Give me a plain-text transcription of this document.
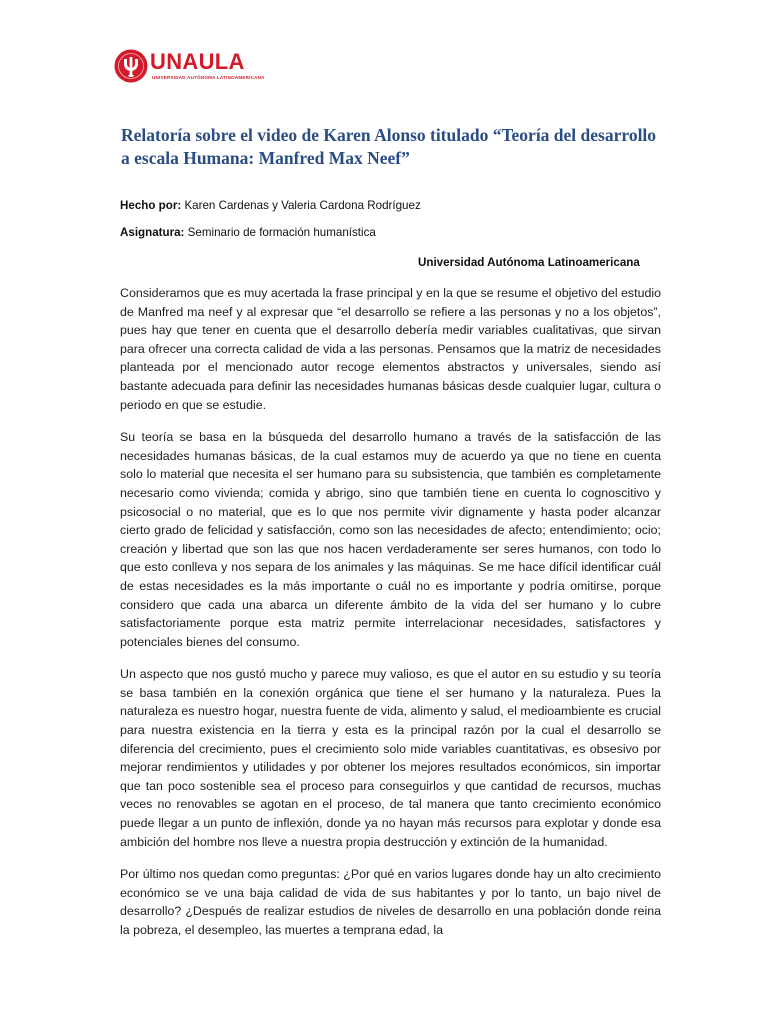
UNAULA
UNIVERSIDAD AUTÓNOMA LATINOAMERICANA
Relatoría sobre el video de Karen Alonso titulado “Teoría del desarrollo a escala Humana: Manfred Max Neef”
Hecho por: Karen Cardenas y Valeria Cardona Rodríguez
Asignatura: Seminario de formación humanística
Universidad Autónoma Latinoamericana

Consideramos que es muy acertada la frase principal y en la que se resume el objetivo del estudio de Manfred ma neef y al expresar que “el desarrollo se refiere a las personas y no a los objetos”, pues hay que tener en cuenta que el desarrollo debería medir variables cualitativas, que sirvan para ofrecer una correcta calidad de vida a las personas. Pensamos que la matriz de necesidades planteada por el mencionado autor recoge elementos abstractos y universales, siendo así bastante adecuada para definir las necesidades humanas básicas desde cualquier lugar, cultura o periodo en que se estudie.

Su teoría se basa en la búsqueda del desarrollo humano a través de la satisfacción de las necesidades humanas básicas, de la cual estamos muy de acuerdo ya que no tiene en cuenta solo lo material que necesita el ser humano para su subsistencia, que también es completamente necesario como vivienda; comida y abrigo, sino que también tiene en cuenta lo cognoscitivo y psicosocial o no material, que es lo que nos permite vivir dignamente y hasta poder alcanzar cierto grado de felicidad y satisfacción, como son las necesidades de afecto; entendimiento; ocio; creación y libertad que son las que nos hacen verdaderamente ser seres humanos, con todo lo que esto conlleva y nos separa de los animales y las máquinas. Se me hace difícil identificar cuál de estas necesidades es la más importante o cuál no es importante y podría omitirse, porque considero que cada una abarca un diferente ámbito de la vida del ser humano y lo cubre satisfactoriamente porque esta matriz permite interrelacionar necesidades, satisfactores y potenciales bienes del consumo.

Un aspecto que nos gustó mucho y parece muy valioso, es que el autor en su estudio y su teoría se basa también en la conexión orgánica que tiene el ser humano y la naturaleza. Pues la naturaleza es nuestro hogar, nuestra fuente de vida, alimento y salud, el medioambiente es crucial para nuestra existencia en la tierra y esta es la principal razón por la cual el desarrollo se diferencia del crecimiento, pues el crecimiento solo mide variables cuantitativas, es obsesivo por mejorar rendimientos y utilidades y por obtener los mejores resultados económicos, sin importar que tan poco sostenible sea el proceso para conseguirlos y que cantidad de recursos, muchas veces no renovables se agotan en el proceso, de tal manera que tanto crecimiento económico puede llegar a un punto de inflexión, donde ya no hayan más recursos para explotar y donde esa ambición del hombre nos lleve a nuestra propia destrucción y extinción de la humanidad.

Por último nos quedan como preguntas: ¿Por qué en varios lugares donde hay un alto crecimiento económico se ve una baja calidad de vida de sus habitantes y por lo tanto, un bajo nivel de desarrollo? ¿Después de realizar estudios de niveles de desarrollo en una población donde reina la pobreza, el desempleo, las muertes a temprana edad, la
